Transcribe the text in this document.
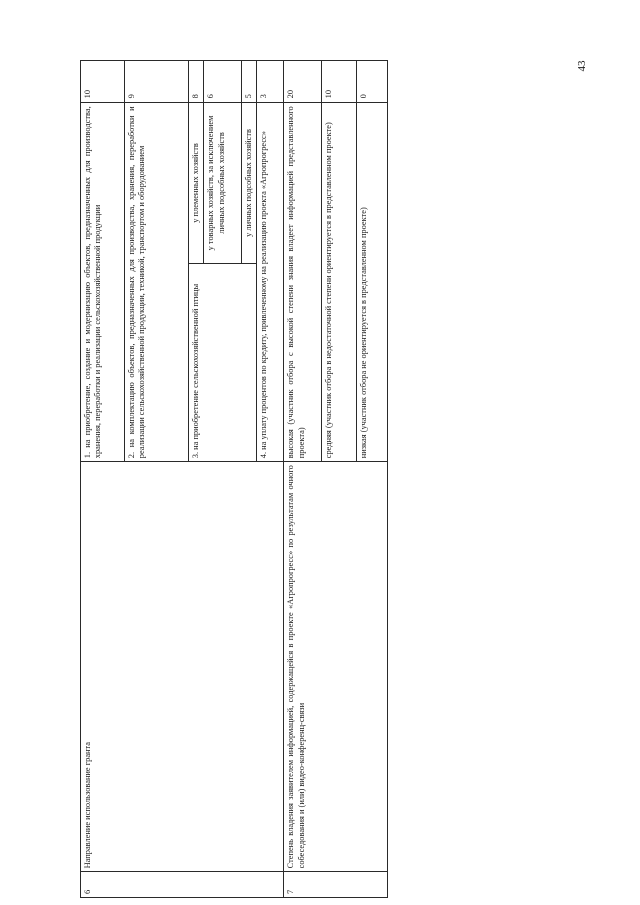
43
6	Направление использование гранта	1. на приобретение, создание и модернизацию объектов, предназначенных для производства, хранения, переработки и реализации сельскохозяйственной продукции		10
		2. на комплектацию объектов, предназначенных для производства, хранения, переработки и реализации сельскохозяйственной продукции, техникой, транспортом и оборудованием		9
		3. на приобретение сельскохозяйственной птицы	у племенных хозяйств	8
			у товарных хозяйств, за исключением личных подсобных хозяйств	6
			у личных подсобных хозяйств	5
		4. на уплату процентов по кредиту, привлеченному на реализацию проекта «Агропрогресс»		3
7	Степень владения заявителем информацией, содержащейся в проекте «Агропрогресс» по результатам очного собеседования и (или) видео-конференц-связи	высокая (участник отбора с высокой степени знания владеет информацией представленного проекта)		20
		средняя (участник отбора в недостаточной степени ориентируется в представленном проекте)		10
		низкая (участник отбора не ориентируется в представленном проекте)		0
